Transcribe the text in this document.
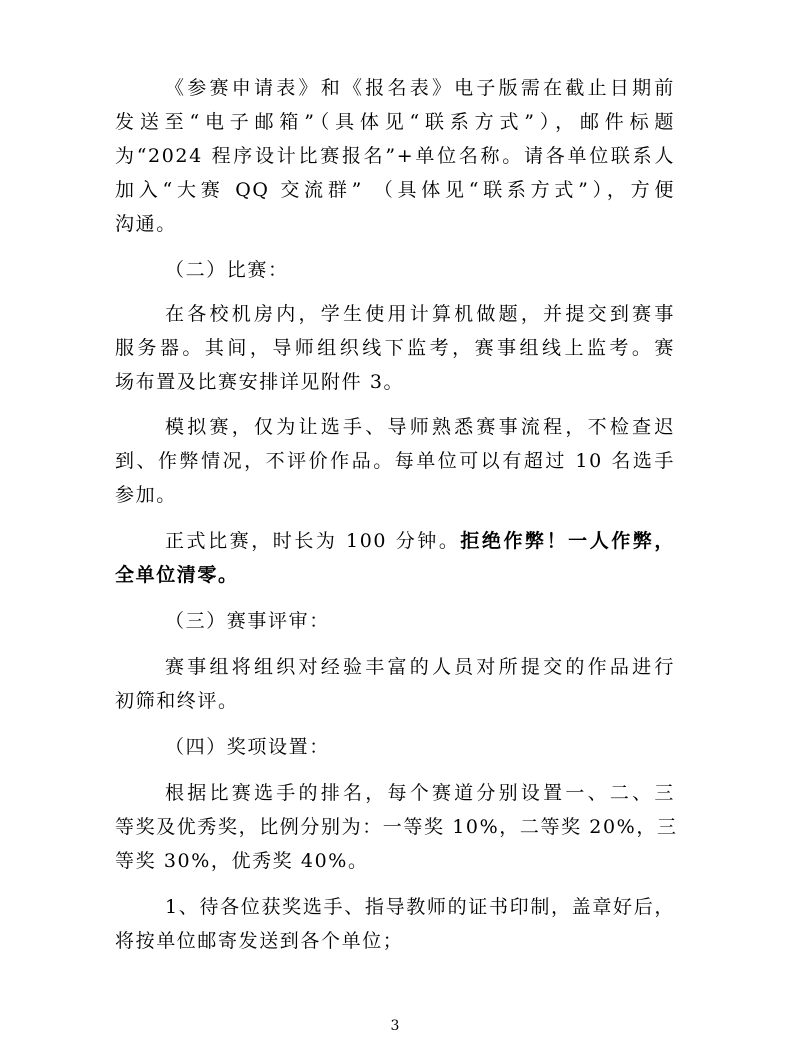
《参赛申请表》和《报名表》电子版需在截止日期前
发送至“电子邮箱”（具体见“联系方式”），邮件标题
为“2024 程序设计比赛报名”+单位名称。请各单位联系人
加入“大赛 QQ 交流群” （具体见“联系方式”），方便
沟通。
（二）比赛：
在各校机房内，学生使用计算机做题，并提交到赛事
服务器。其间，导师组织线下监考，赛事组线上监考。赛
场布置及比赛安排详见附件 3。
模拟赛，仅为让选手、导师熟悉赛事流程，不检查迟
到、作弊情况，不评价作品。每单位可以有超过 10 名选手
参加。
正式比赛，时长为 100 分钟。拒绝作弊！一人作弊，
全单位清零。
（三）赛事评审：
赛事组将组织对经验丰富的人员对所提交的作品进行
初筛和终评。
（四）奖项设置：
根据比赛选手的排名，每个赛道分别设置一、二、三
等奖及优秀奖，比例分别为：一等奖 10%，二等奖 20%，三
等奖 30%，优秀奖 40%。
1、待各位获奖选手、指导教师的证书印制，盖章好后，
将按单位邮寄发送到各个单位；
3
